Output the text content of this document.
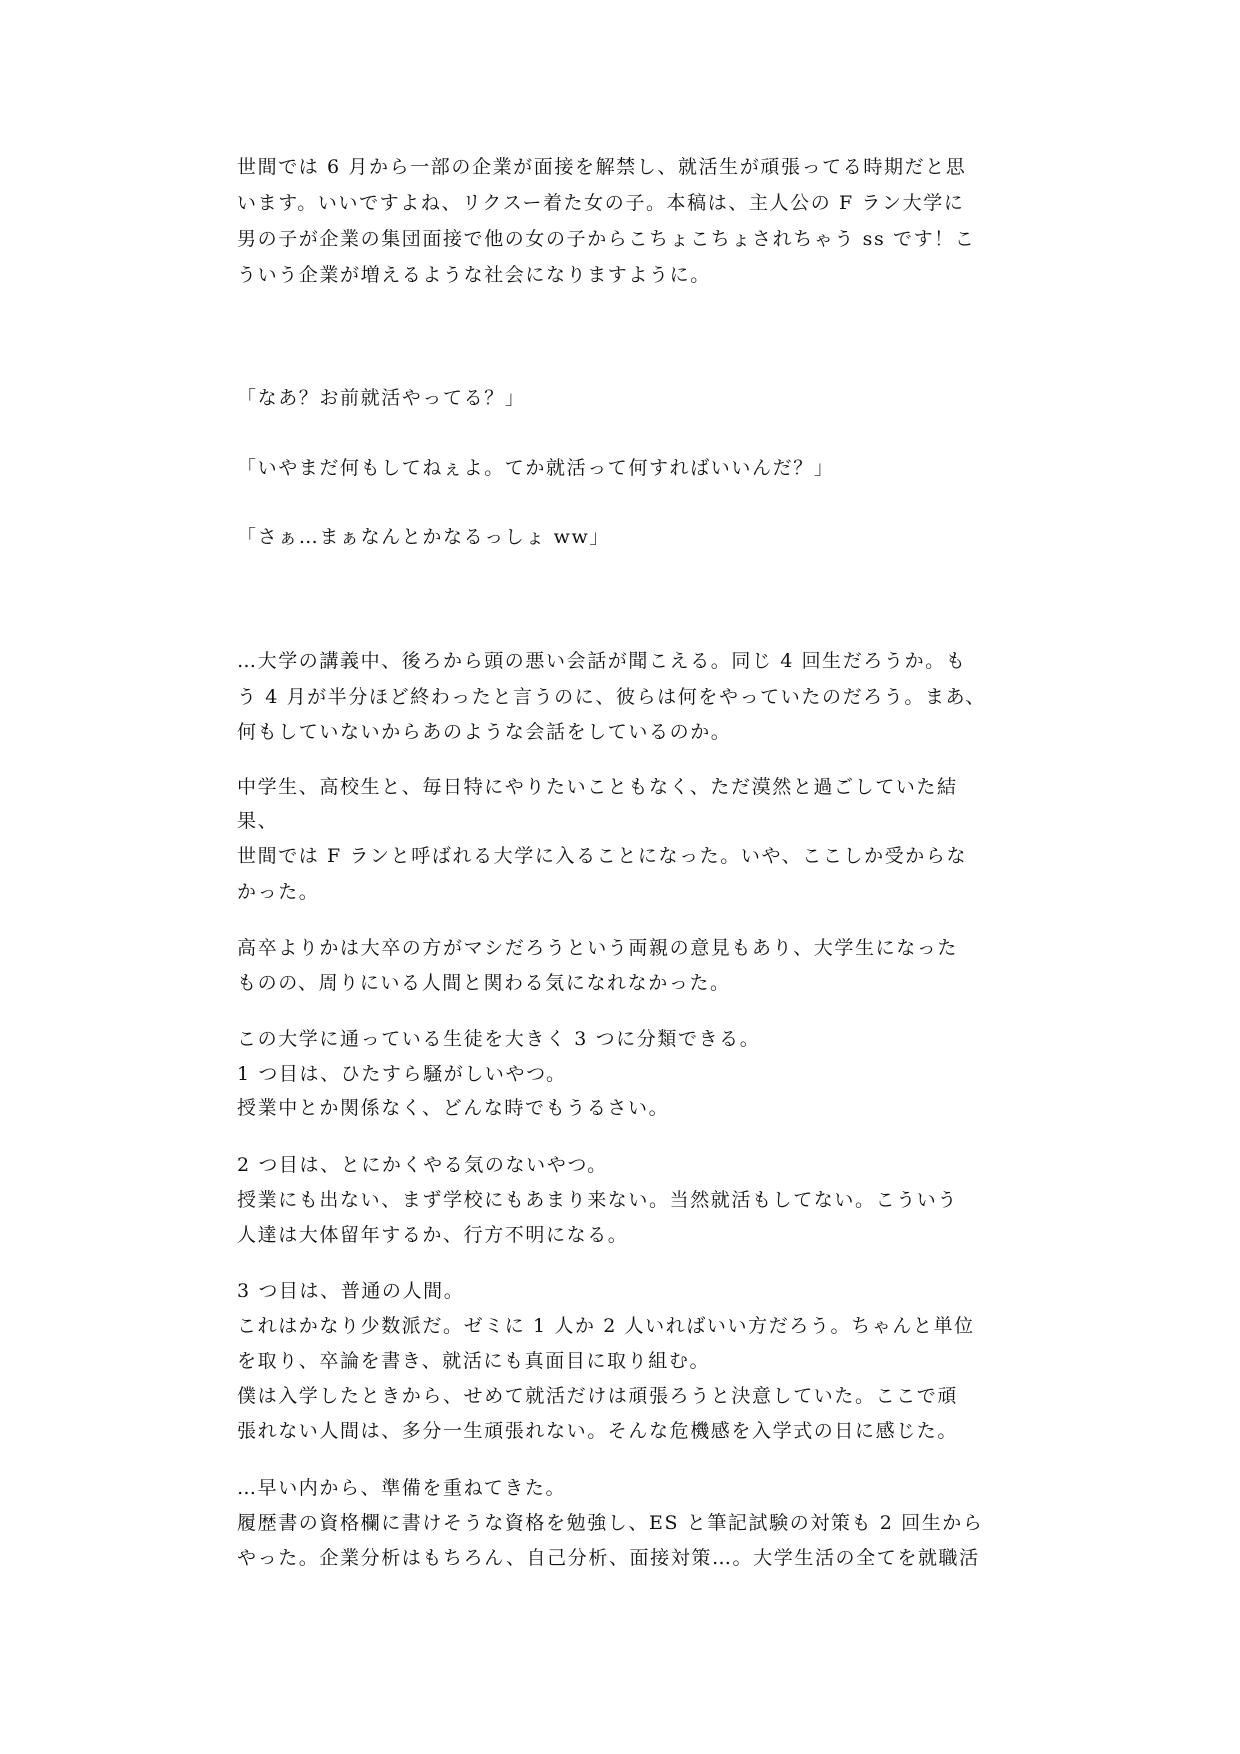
世間では 6 月から一部の企業が面接を解禁し、就活生が頑張ってる時期だと思
います。いいですよね、リクスー着た女の子。本稿は、主人公の F ラン大学に
男の子が企業の集団面接で他の女の子からこちょこちょされちゃう ss です！こ
ういう企業が増えるような社会になりますように。
「なあ？お前就活やってる？」
「いやまだ何もしてねぇよ。てか就活って何すればいいんだ？」
「さぁ…まぁなんとかなるっしょ ww」
…大学の講義中、後ろから頭の悪い会話が聞こえる。同じ 4 回生だろうか。も
う 4 月が半分ほど終わったと言うのに、彼らは何をやっていたのだろう。まあ、
何もしていないからあのような会話をしているのか。
中学生、高校生と、毎日特にやりたいこともなく、ただ漠然と過ごしていた結
果、
世間では F ランと呼ばれる大学に入ることになった。いや、ここしか受からな
かった。
高卒よりかは大卒の方がマシだろうという両親の意見もあり、大学生になった
ものの、周りにいる人間と関わる気になれなかった。
この大学に通っている生徒を大きく 3 つに分類できる。
1 つ目は、ひたすら騒がしいやつ。
授業中とか関係なく、どんな時でもうるさい。
2 つ目は、とにかくやる気のないやつ。
授業にも出ない、まず学校にもあまり来ない。当然就活もしてない。こういう
人達は大体留年するか、行方不明になる。
3 つ目は、普通の人間。
これはかなり少数派だ。ゼミに 1 人か 2 人いればいい方だろう。ちゃんと単位
を取り、卒論を書き、就活にも真面目に取り組む。
僕は入学したときから、せめて就活だけは頑張ろうと決意していた。ここで頑
張れない人間は、多分一生頑張れない。そんな危機感を入学式の日に感じた。
…早い内から、準備を重ねてきた。
履歴書の資格欄に書けそうな資格を勉強し、ES と筆記試験の対策も 2 回生から
やった。企業分析はもちろん、自己分析、面接対策…。大学生活の全てを就職活
